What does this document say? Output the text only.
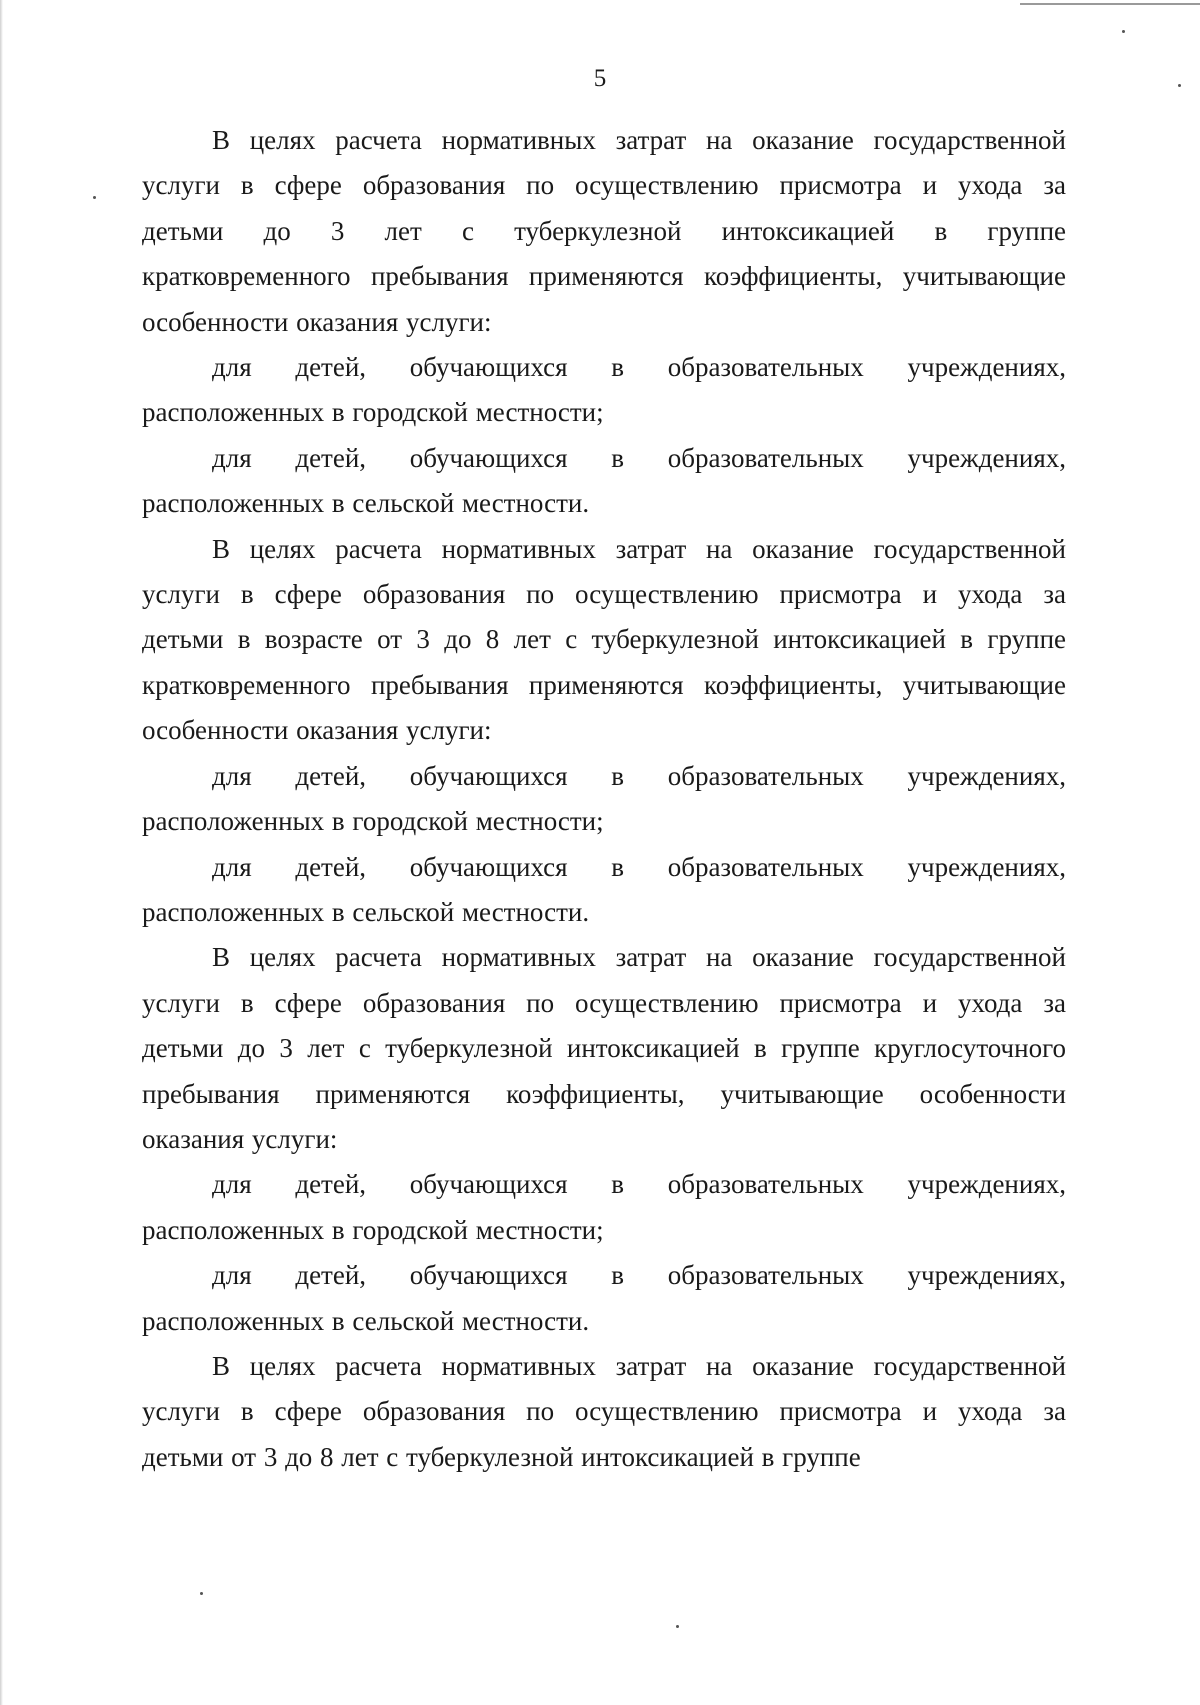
5
В целях расчета нормативных затрат на оказание государственной
услуги в сфере образования по осуществлению присмотра и ухода за
детьми до 3 лет с туберкулезной интоксикацией в группе
кратковременного пребывания применяются коэффициенты, учитывающие
особенности оказания услуги:
для детей, обучающихся в образовательных учреждениях,
расположенных в городской местности;
для детей, обучающихся в образовательных учреждениях,
расположенных в сельской местности.
В целях расчета нормативных затрат на оказание государственной
услуги в сфере образования по осуществлению присмотра и ухода за
детьми в возрасте от 3 до 8 лет с туберкулезной интоксикацией в группе
кратковременного пребывания применяются коэффициенты, учитывающие
особенности оказания услуги:
для детей, обучающихся в образовательных учреждениях,
расположенных в городской местности;
для детей, обучающихся в образовательных учреждениях,
расположенных в сельской местности.
В целях расчета нормативных затрат на оказание государственной
услуги в сфере образования по осуществлению присмотра и ухода за
детьми до 3 лет с туберкулезной интоксикацией в группе круглосуточного
пребывания применяются коэффициенты, учитывающие особенности
оказания услуги:
для детей, обучающихся в образовательных учреждениях,
расположенных в городской местности;
для детей, обучающихся в образовательных учреждениях,
расположенных в сельской местности.
В целях расчета нормативных затрат на оказание государственной
услуги в сфере образования по осуществлению присмотра и ухода за
детьми от 3 до 8 лет с туберкулезной интоксикацией в группе
